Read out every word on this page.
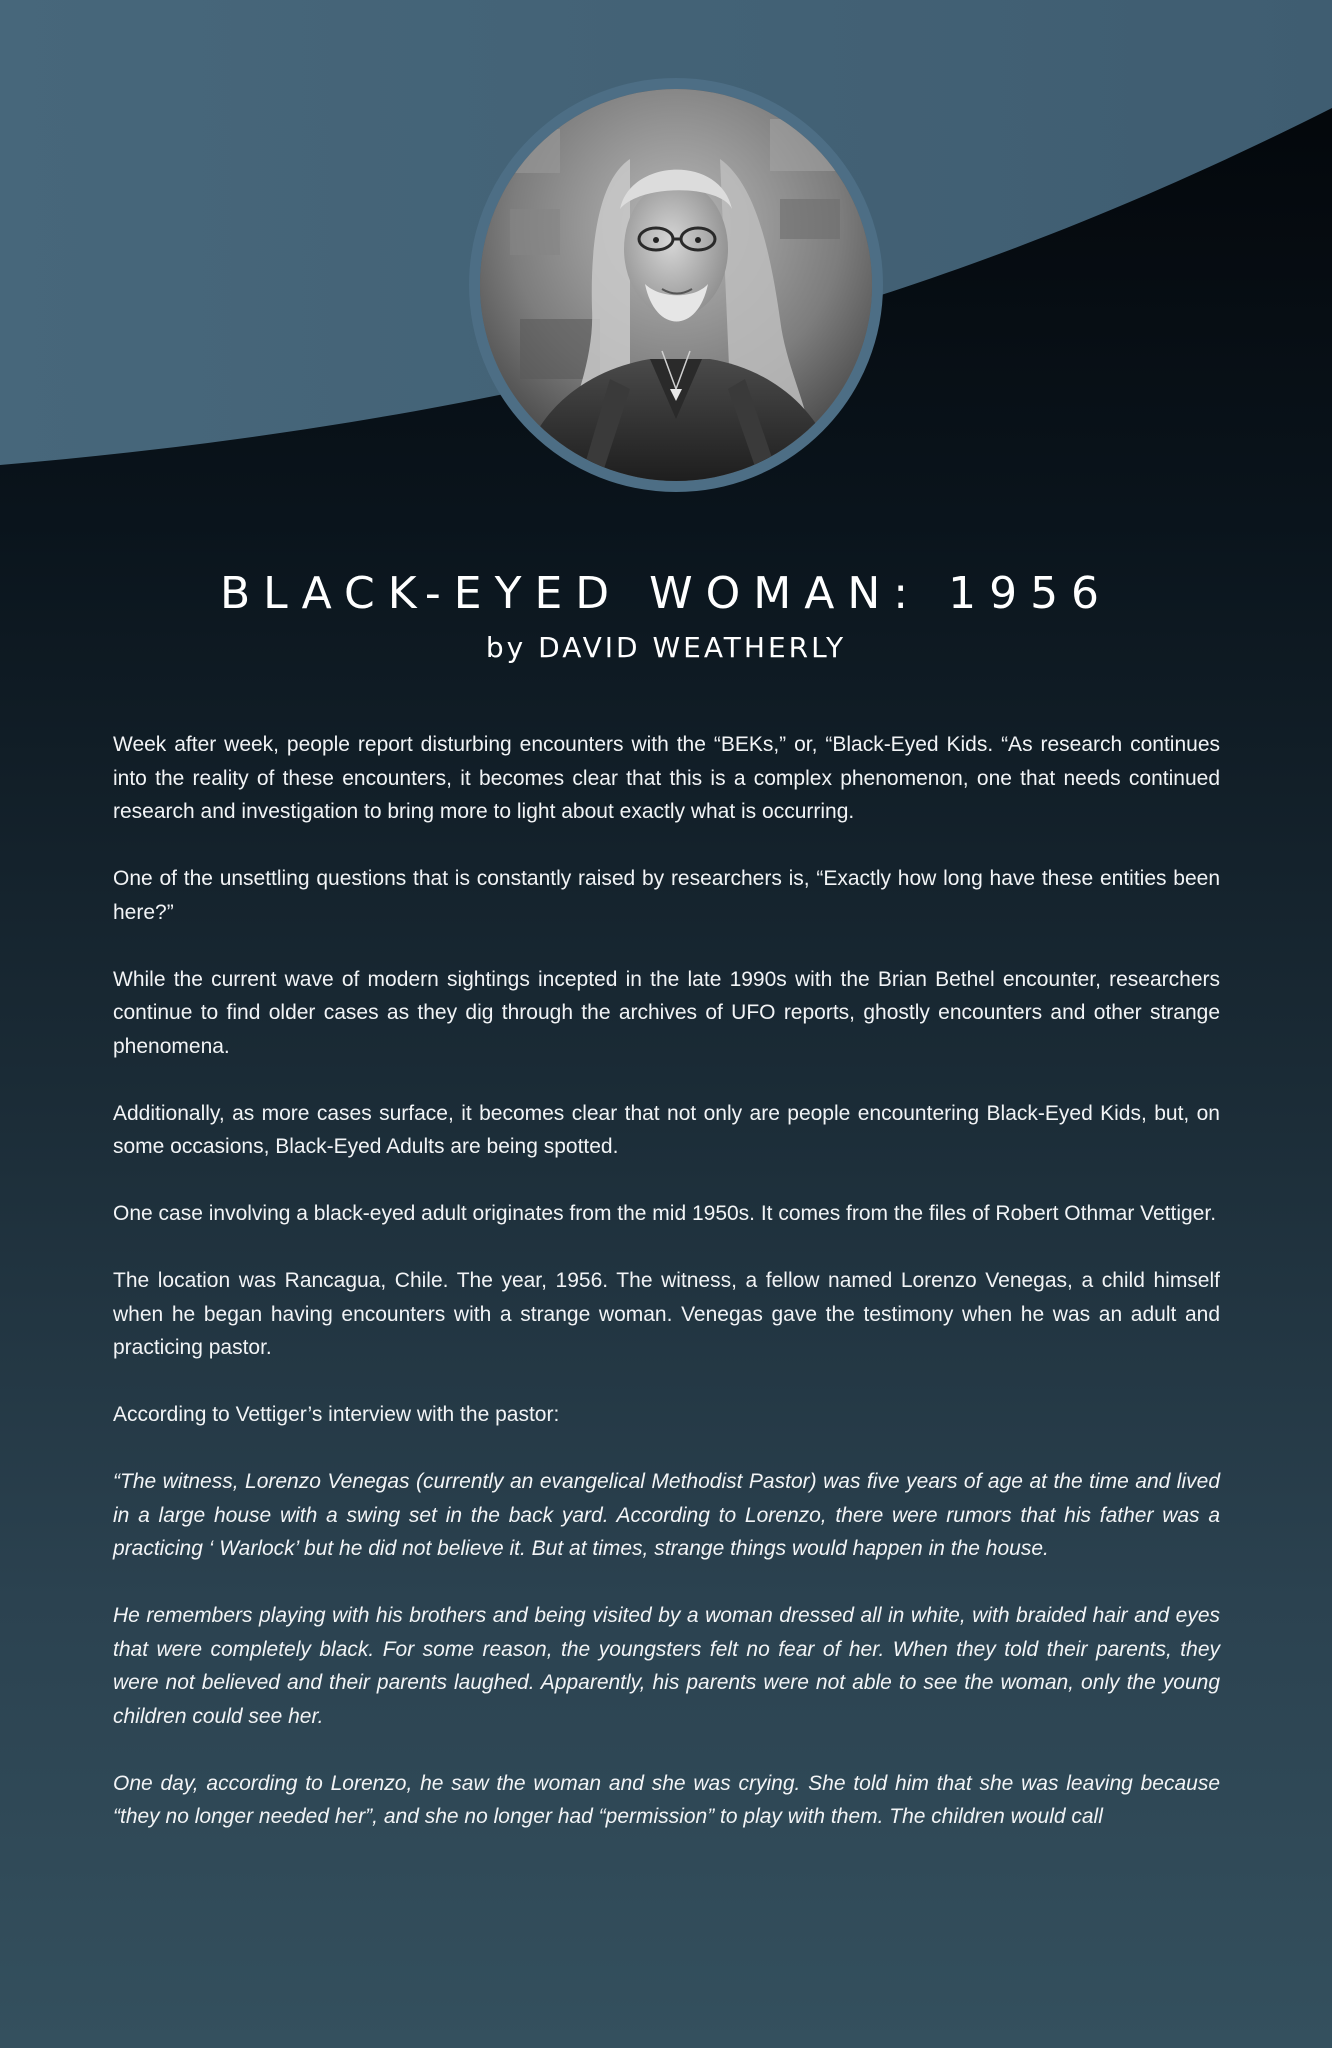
BLACK-EYED WOMAN: 1956
by DAVID WEATHERLY

Week after week, people report disturbing encounters with the “BEKs,” or, “Black-Eyed Kids. “As research continues into the reality of these encounters, it becomes clear that this is a complex phenomenon, one that needs continued research and investigation to bring more to light about exactly what is occurring.

One of the unsettling questions that is constantly raised by researchers is, “Exactly how long have these entities been here?”

While the current wave of modern sightings incepted in the late 1990s with the Brian Bethel encounter, researchers continue to find older cases as they dig through the archives of UFO reports, ghostly encounters and other strange phenomena.

Additionally, as more cases surface, it becomes clear that not only are people encountering Black-Eyed Kids, but, on some occasions, Black-Eyed Adults are being spotted.

One case involving a black-eyed adult originates from the mid 1950s. It comes from the files of Robert Othmar Vettiger.

The location was Rancagua, Chile. The year, 1956. The witness, a fellow named Lorenzo Venegas, a child himself when he began having encounters with a strange woman. Venegas gave the testimony when he was an adult and practicing pastor.

According to Vettiger’s interview with the pastor:

“The witness, Lorenzo Venegas (currently an evangelical Methodist Pastor) was five years of age at the time and lived in a large house with a swing set in the back yard. According to Lorenzo, there were rumors that his father was a practicing ‘ Warlock’ but he did not believe it. But at times, strange things would happen in the house.

He remembers playing with his brothers and being visited by a woman dressed all in white, with braided hair and eyes that were completely black. For some reason, the youngsters felt no fear of her. When they told their parents, they were not believed and their parents laughed. Apparently, his parents were not able to see the woman, only the young children could see her.

One day, according to Lorenzo, he saw the woman and she was crying. She told him that she was leaving because “they no longer needed her”, and she no longer had “permission” to play with them. The children would call
